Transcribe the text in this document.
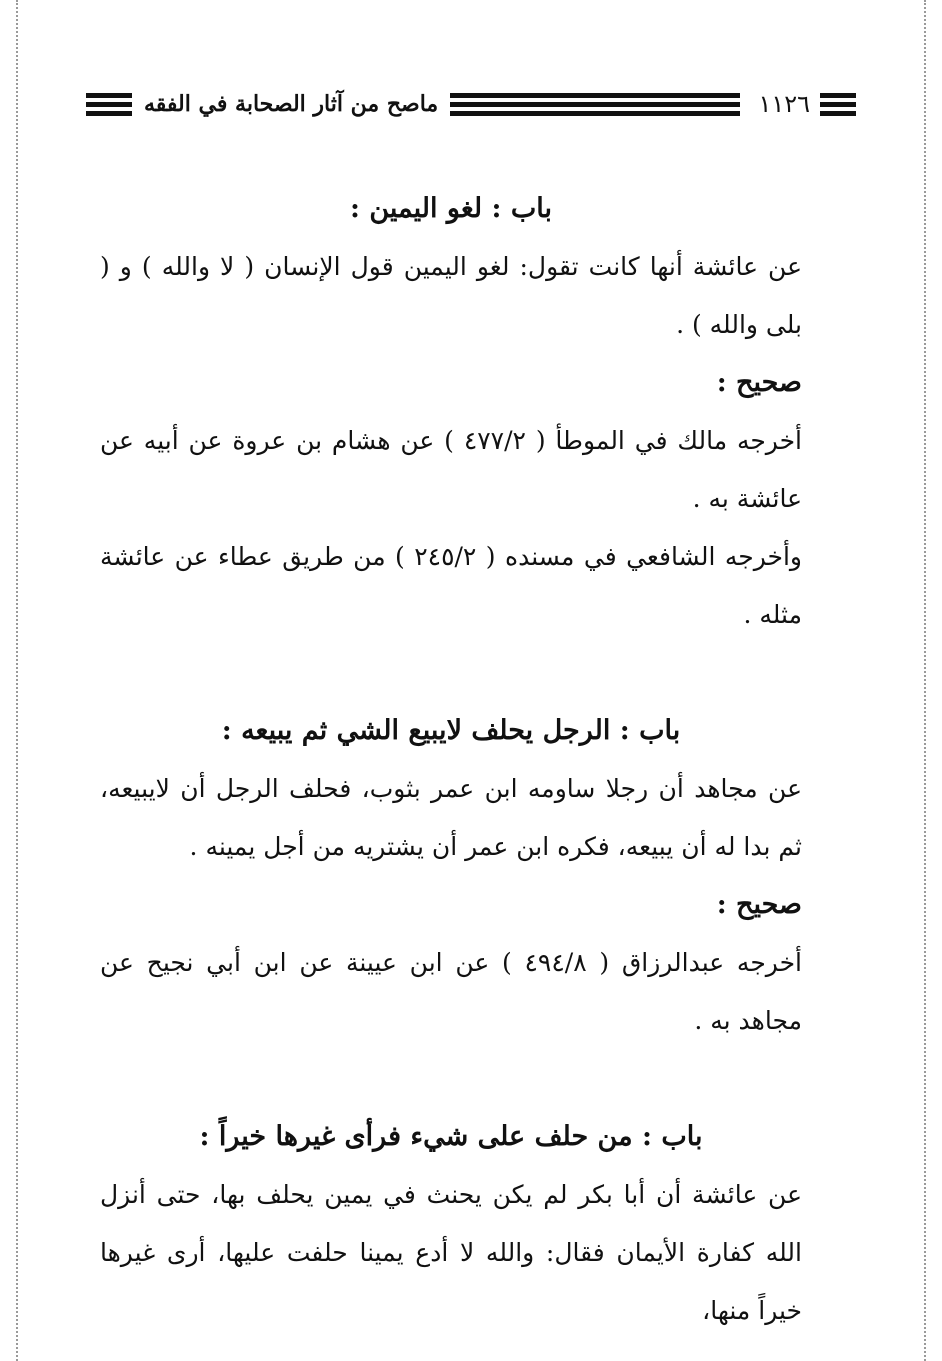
١١٢٦
ماصح من آثار الصحابة في الفقه
باب : لغو اليمين :

عن عائشة أنها كانت تقول: لغو اليمين قول الإنسان ( لا والله ) و ( بلى والله ) .

صحيح :

أخرجه مالك في الموطأ ( ٤٧٧/٢ ) عن هشام بن عروة عن أبيه عن عائشة به .

وأخرجه الشافعي في مسنده ( ٢٤٥/٢ ) من طريق عطاء عن عائشة مثله .

باب : الرجل يحلف لايبيع الشي ثم يبيعه :

عن مجاهد أن رجلا ساومه ابن عمر بثوب، فحلف الرجل أن لايبيعه، ثم بدا له أن يبيعه، فكره ابن عمر أن يشتريه من أجل يمينه .

صحيح :

أخرجه عبدالرزاق ( ٤٩٤/٨ ) عن ابن عيينة عن ابن أبي نجيح عن مجاهد به .

باب : من حلف على شيء فرأى غيرها خيراً :

عن عائشة أن أبا بكر لم يكن يحنث في يمين يحلف بها، حتى أنزل الله كفارة الأيمان فقال: والله لا أدع يمينا حلفت عليها، أرى غيرها خيراً منها،
